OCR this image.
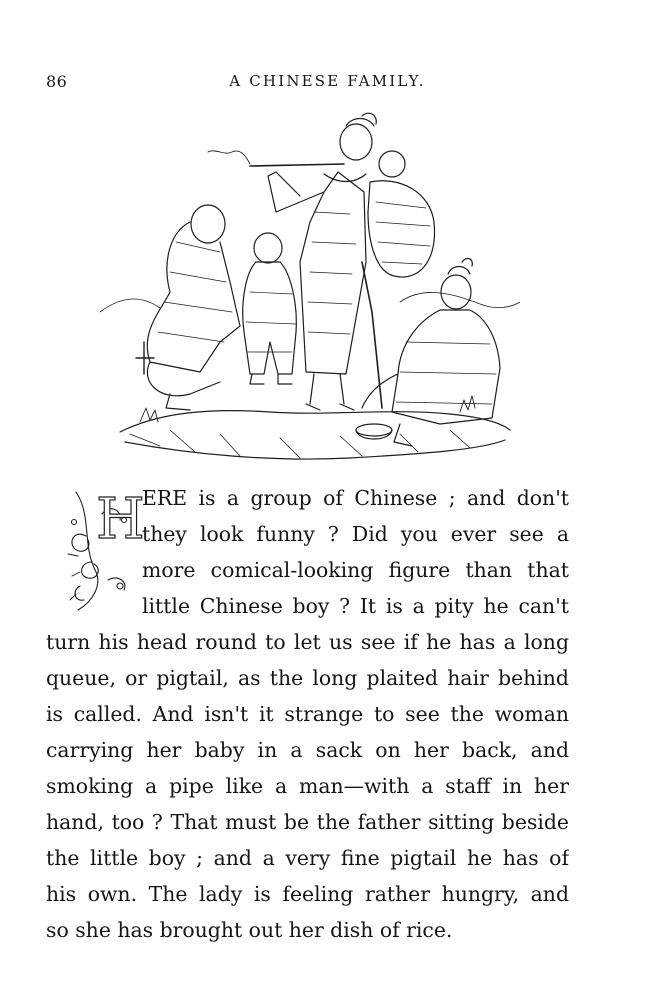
86	A CHINESE FAMILY.
H
ERE is a group of Chinese ; and don't
they look funny ? Did you ever see a
more comical-looking figure than that
little Chinese boy ? It is a pity he can't
turn his head round to let us see if he has a long
queue, or pigtail, as the long plaited hair behind
is called. And isn't it strange to see the woman
carrying her baby in a sack on her back, and
smoking a pipe like a man—with a staff in her
hand, too ? That must be the father sitting beside
the little boy ; and a very fine pigtail he has of
his own. The lady is feeling rather hungry, and
so she has brought out her dish of rice.
